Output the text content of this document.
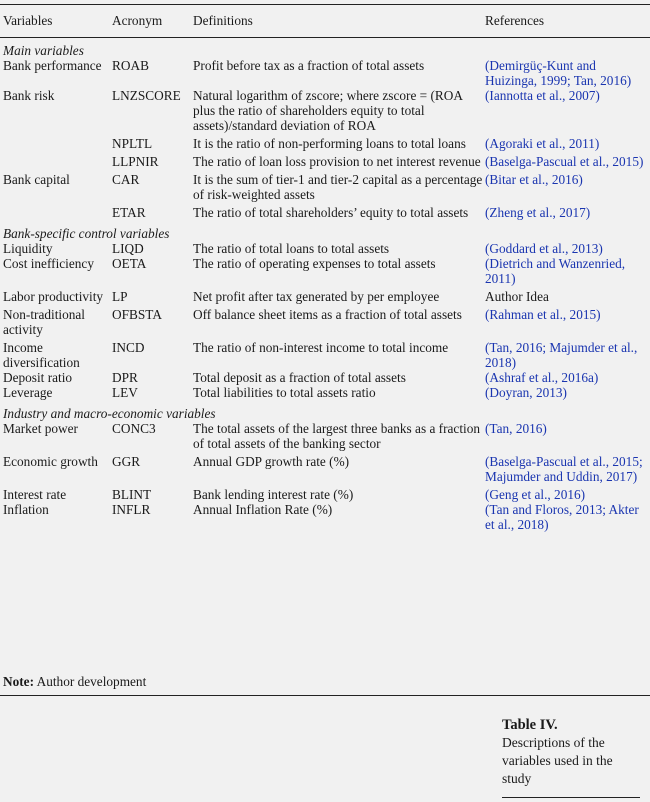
Variables	Acronym	Definitions	References
Main variables			
Bank performance	ROAB	Profit before tax as a fraction of total assets	(Demirgüç-Kunt and Huizinga, 1999; Tan, 2016)
Bank risk	LNZSCORE	Natural logarithm of zscore; where zscore = (ROA plus the ratio of shareholders equity to total assets)/standard deviation of ROA	(Iannotta et al., 2007)
	NPLTL	It is the ratio of non-performing loans to total loans	(Agoraki et al., 2011)
	LLPNIR	The ratio of loan loss provision to net interest revenue	(Baselga-Pascual et al., 2015)
Bank capital	CAR	It is the sum of tier-1 and tier-2 capital as a percentage of risk-weighted assets	(Bitar et al., 2016)
	ETAR	The ratio of total shareholders’ equity to total assets	(Zheng et al., 2017)
Bank-specific control variables			
Liquidity	LIQD	The ratio of total loans to total assets	(Goddard et al., 2013)
Cost inefficiency	OETA	The ratio of operating expenses to total assets	(Dietrich and Wanzenried, 2011)
Labor productivity	LP	Net profit after tax generated by per employee	Author Idea
Non-traditional activity	OFBSTA	Off balance sheet items as a fraction of total assets	(Rahman et al., 2015)
Income diversification	INCD	The ratio of non-interest income to total income	(Tan, 2016; Majumder et al., 2018)
Deposit ratio	DPR	Total deposit as a fraction of total assets	(Ashraf et al., 2016a)
Leverage	LEV	Total liabilities to total assets ratio	(Doyran, 2013)
Industry and macro-economic variables			
Market power	CONC3	The total assets of the largest three banks as a fraction of total assets of the banking sector	(Tan, 2016)
Economic growth	GGR	Annual GDP growth rate (%)	(Baselga-Pascual et al., 2015; Majumder and Uddin, 2017)
Interest rate	BLINT	Bank lending interest rate (%)	(Geng et al., 2016)
Inflation	INFLR	Annual Inflation Rate (%)	(Tan and Floros, 2013; Akter et al., 2018)
Note: Author development
Table IV.
Descriptions of the variables used in the study
